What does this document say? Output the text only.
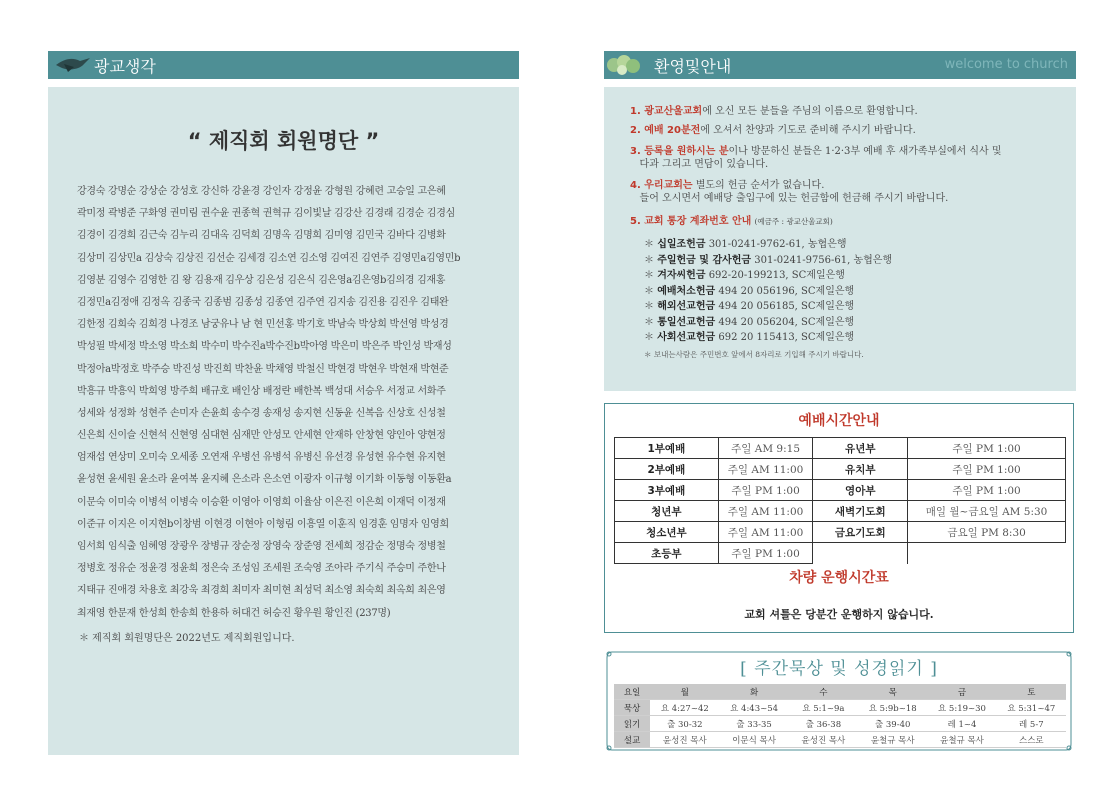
광교생각
“ 제직회 회원명단 ”
강경숙 강명순 강상순 강성호 강신하 강윤경 강인자 강정윤 강형원 강혜련 고승일 고은혜
곽미정 곽병준 구화영 권미림 권수윤 권종혁 권혁규 김이빛날 김강산 김경래 김경순 김경심
김경이 김경희 김근숙 김누리 김대옥 김덕희 김명옥 김명희 김미영 김민국 김바다 김병화
김상미 김상민a 김상숙 김상진 김선순 김세경 김소연 김소영 김여진 김연주 김영민a김영민b
김영분 김영수 김영한 김 왕 김용재 김우상 김은성 김은식 김은영a김은영b김의경 김재홍
김정민a김정애 김정옥 김종국 김종범 김종성 김종연 김주연 김지송 김진용 김진우 김태완
김한정 김희숙 김희경 나경조 남궁유나 남 현 민선홍 박기호 박남숙 박상희 박선영 박성경
박성필 박세정 박소영 박소희 박수미 박수진a박수진b박아영 박은미 박은주 박인성 박재성
박정아a박정호 박주승 박진성 박진희 박찬윤 박채영 박철신 박현경 박현우 박현재 박현준
박흥규 박흥익 박희영 방주희 배규호 배인상 배정란 배한복 백성대 서승우 서정교 서화주
성세와 성정화 성현주 손미자 손윤희 송수경 송재성 송지현 신동윤 신복음 신상호 신성철
신은희 신이슬 신현석 신현영 심대현 심재만 안성모 안세현 안재하 안창현 양인아 양현정
엄재섭 연상미 오미숙 오세종 오연재 우병선 유병석 유병신 유선경 유성현 유수현 유지현
윤성현 윤세원 윤소라 윤여복 윤지혜 은소라 은소연 이광자 이규형 이기화 이동형 이동환a
이문숙 이미숙 이병석 이병숙 이승환 이영아 이영희 이율삼 이은진 이은희 이재덕 이정재
이준규 이지은 이지현b이창범 이현경 이현아 이형림 이흥열 이훈직 임경훈 임명자 임영희
임서희 임식출 임혜영 장광우 장병규 장순정 장영숙 장준영 전세희 정감순 정명숙 정병철
정병호 정유순 정윤경 정윤희 정은숙 조성임 조세원 조숙영 조아라 주기식 주승미 주한나
지태규 진애경 차용호 최강욱 최경희 최미자 최미현 최성덕 최소영 최숙희 최옥희 최은영
최재영 한문재 한성희 한송희 한용하 허대건 허승진 황우원 황인진 (237명)
＊ 제직회 회원명단은 2022년도 제직회원입니다.
환영및안내	welcome to church
1. 광교산울교회에 오신 모든 분들을 주님의 이름으로 환영합니다.
2. 예배 20분전에 오셔서 찬양과 기도로 준비해 주시기 바랍니다.
3. 등록을 원하시는 분이나 방문하신 분들은 1·2·3부 예배 후 새가족부실에서 식사 및
다과 그리고 면담이 있습니다.
4. 우리교회는 별도의 헌금 순서가 없습니다.
들어 오시면서 예배당 출입구에 있는 헌금함에 헌금해 주시기 바랍니다.
5. 교회 통장 계좌번호 안내 (예금주 : 광교산울교회)
＊ 십일조헌금 301-0241-9762-61, 농협은행
＊ 주일헌금 및 감사헌금 301-0241-9756-61, 농협은행
＊ 겨자씨헌금 692-20-199213, SC제일은행
＊ 예배처소헌금 494 20 056196, SC제일은행
＊ 해외선교헌금 494 20 056185, SC제일은행
＊ 통일선교헌금 494 20 056204, SC제일은행
＊ 사회선교헌금 692 20 115413, SC제일은행
＊ 보내는사람은 주민번호 앞에서 8자리로 기입해 주시기 바랍니다.
예배시간안내
1부예배	주일 AM 9:15	유년부	주일 PM 1:00
2부예배	주일 AM 11:00	유치부	주일 PM 1:00
3부예배	주일 PM 1:00	영아부	주일 PM 1:00
청년부	주일 AM 11:00	새벽기도회	매일 월~금요일 AM 5:30
청소년부	주일 AM 11:00	금요기도회	금요일 PM 8:30
초등부	주일 PM 1:00		
차량 운행시간표
교회 셔틀은 당분간 운행하지 않습니다.
[ 주간묵상 및 성경읽기 ]
요일	월	화	수	목	금	토
묵상	요 4:27~42	요 4:43~54	요 5:1~9a	요 5:9b~18	요 5:19~30	요 5:31~47
읽기	출 30-32	출 33-35	출 36-38	출 39-40	레 1~4	레 5-7
설교	윤성진 목사	이문식 목사	윤성진 목사	윤철규 목사	윤철규 목사	스스로
